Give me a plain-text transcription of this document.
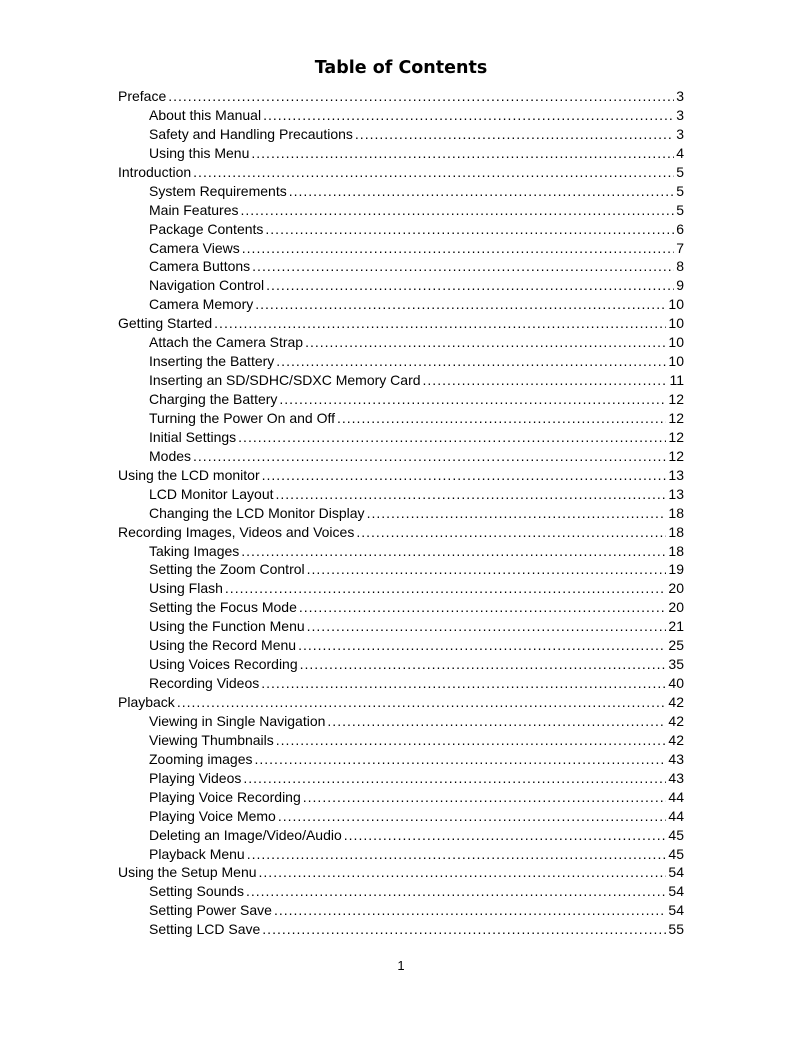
Table of Contents
Preface .....	3
About this Manual .....	3
Safety and Handling Precautions .....	3
Using this Menu .....	4
Introduction .....	5
System Requirements .....	5
Main Features .....	5
Package Contents .....	6
Camera Views .....	7
Camera Buttons .....	8
Navigation Control .....	9
Camera Memory .....	10
Getting Started .....	10
Attach the Camera Strap .....	10
Inserting the Battery .....	10
Inserting an SD/SDHC/SDXC Memory Card .....	11
Charging the Battery .....	12
Turning the Power On and Off .....	12
Initial Settings .....	12
Modes .....	12
Using the LCD monitor .....	13
LCD Monitor Layout .....	13
Changing the LCD Monitor Display .....	18
Recording Images, Videos and Voices .....	18
Taking Images .....	18
Setting the Zoom Control .....	19
Using Flash .....	20
Setting the Focus Mode .....	20
Using the Function Menu .....	21
Using the Record Menu .....	25
Using Voices Recording .....	35
Recording Videos .....	40
Playback .....	42
Viewing in Single Navigation .....	42
Viewing Thumbnails .....	42
Zooming images .....	43
Playing Videos .....	43
Playing Voice Recording .....	44
Playing Voice Memo .....	44
Deleting an Image/Video/Audio .....	45
Playback Menu .....	45
Using the Setup Menu .....	54
Setting Sounds .....	54
Setting Power Save .....	54
Setting LCD Save .....	55
1
